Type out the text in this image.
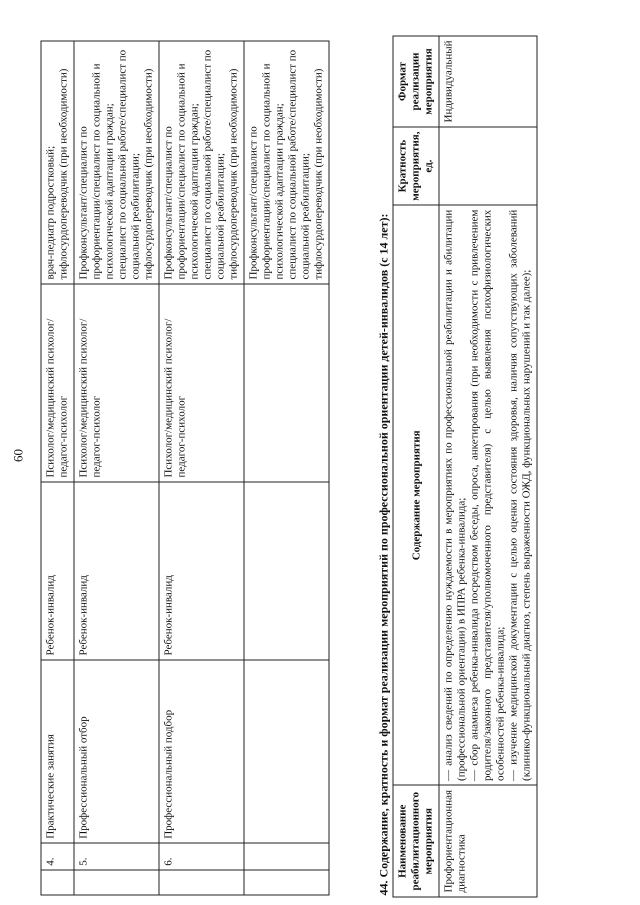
60
	4.	Практические занятия	Ребенок-инвалид	Психолог/медицинский психолог/педагог-психолог	врач-педиатр подростковый; тифлосурдопереводчик (при необходимости)

	5.	Профессиональный отбор	Ребенок-инвалид	Психолог/медицинский психолог/педагог-психолог	Профконсультант/специалист по профориентации/специалист по социальной и психологической адаптации граждан; специалист по социальной работе/специалист по социальной реабилитации; тифлосурдопереводчик (при необходимости)

	6.	Профессиональный подбор	Ребенок-инвалид	Психолог/медицинский психолог/педагог-психолог	Профконсультант/специалист по профориентации/специалист по социальной и психологической адаптации граждан; специалист по социальной работе/специалист по социальной реабилитации; тифлосурдопереводчик (при необходимости)

					Профконсультант/специалист по профориентации/специалист по социальной и психологической адаптации граждан; специалист по социальной работе/специалист по социальной реабилитации; тифлосурдопереводчик (при необходимости)
44. Содержание, кратность и формат реализации мероприятий по профессиональной ориентации детей-инвалидов (с 14 лет): Наименование реабилитационного мероприятия	Содержание мероприятия	Кратность мероприятия, ед.	Формат реализации мероприятия
Профориентационная диагностика	— анализ сведений по определению нуждаемости в мероприятиях по профессиональной реабилитации и абилитации (профессиональной ориентации) в ИПРА ребенка-инвалида; — сбор анамнеза ребенка-инвалида посредством беседы, опроса, анкетирования (при необходимости с привлечением родителя/законного представителя/уполномоченного представителя) с целью выявления психофизиологических особенностей ребенка-инвалида; — изучение медицинской документации с целью оценки состояния здоровья, наличия сопутствующих заболеваний (клинико-функциональный диагноз, степень выраженности ОЖД, функциональных нарушений и так далее);		Индивидуальный
